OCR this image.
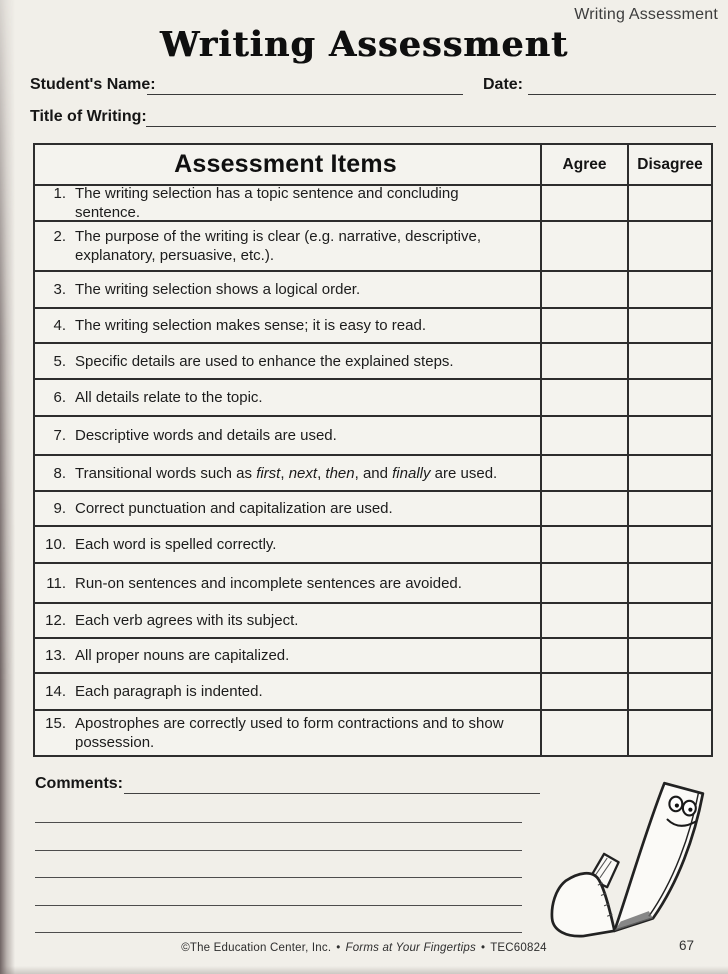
Writing Assessment
Writing Assessment
Student's Name:	Date:
Title of Writing:
Assessment Items	Agree	Disagree
1. The writing selection has a topic sentence and concluding sentence.
2. The purpose of the writing is clear (e.g. narrative, descriptive, explanatory, persuasive, etc.).
3. The writing selection shows a logical order.
4. The writing selection makes sense; it is easy to read.
5. Specific details are used to enhance the explained steps.
6. All details relate to the topic.
7. Descriptive words and details are used.
8. Transitional words such as first, next, then, and finally are used.
9. Correct punctuation and capitalization are used.
10. Each word is spelled correctly.
11. Run-on sentences and incomplete sentences are avoided.
12. Each verb agrees with its subject.
13. All proper nouns are capitalized.
14. Each paragraph is indented.
15. Apostrophes are correctly used to form contractions and to show possession.
Comments:
©The Education Center, Inc. • Forms at Your Fingertips • TEC60824	67
